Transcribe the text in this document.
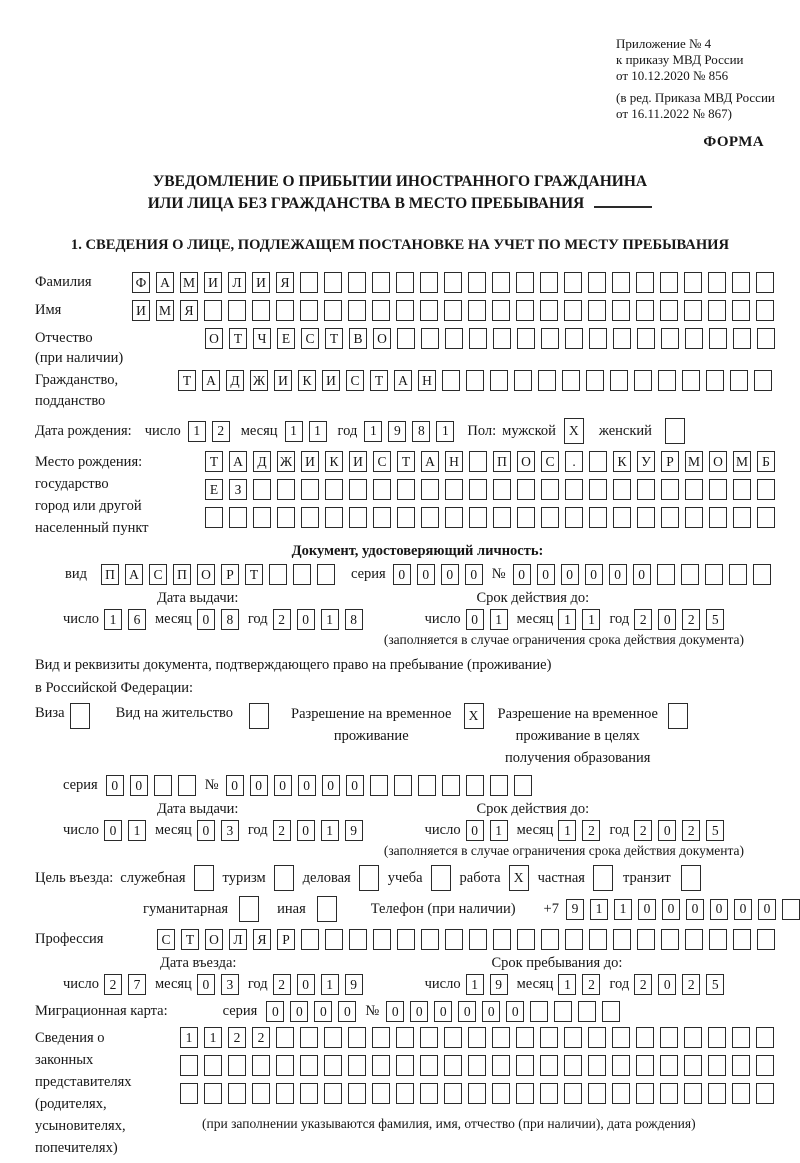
Приложение № 4
к приказу МВД России
от 10.12.2020 № 856
(в ред. Приказа МВД России
от 16.11.2022 № 867)
ФОРМА
УВЕДОМЛЕНИЕ О ПРИБЫТИИ ИНОСТРАННОГО ГРАЖДАНИНА
ИЛИ ЛИЦА БЕЗ ГРАЖДАНСТВА В МЕСТО ПРЕБЫВАНИЯ
1. СВЕДЕНИЯ О ЛИЦЕ, ПОДЛЕЖАЩЕМ ПОСТАНОВКЕ НА УЧЕТ ПО МЕСТУ ПРЕБЫВАНИЯ
Фамилия	Ф	А М И	Л	И	Я
Имя	И М Я
Отчество
(при наличии)
О	Т	Ч	Е	С	Т	В	О
Гражданство,
подданство
Т	А	Д Ж И	К	И	С	Т	А	Н
Дата рождения: число 1	2	месяц 1	1	год 1	9	8	1	Пол: мужской X	женский
Место рождения:
государство
город или другой
населенный пункт
Т	А	Д Ж И	К	И	С	Т	А	Н	П	О	С	.	К	У	Р	М О М	Б
Е	З
Документ, удостоверяющий личность:
вид	П	А	С	П	О	Р	Т	серия 0	0	0	0	№ 0	0	0	0	0	0
Дата выдачи:	Срок действия до:
число 1	6	месяц 0	8	год 2	0	1	8	число 0	1	месяц 1	1	год 2	0	2	5
(заполняется в случае ограничения срока действия документа)
Вид и реквизиты документа, подтверждающего право на пребывание (проживание)
в Российской Федерации:
Виза	Вид на жительство	Разрешение на временное
проживание
X	Разрешение на временное
проживание в целях
получения образования
серия	0	0	№ 0	0	0	0	0	0
Дата выдачи:	Срок действия до:
число 0	1	месяц 0	3	год 2	0	1	9	число 0	1	месяц 1	2	год 2	0	2	5
(заполняется в случае ограничения срока действия документа)
Цель въезда: служебная	туризм	деловая	учеба	работа X частная	транзит
гуманитарная	иная	Телефон (при наличии) +7 9	1	1	0	0	0	0	0	0
Профессия	С	Т	О	Л	Я	Р
Дата въезда:	Срок пребывания до:
число 2	7	месяц 0	3	год 2	0	1	9	число 1	9	месяц 1	2	год 2	0	2	5
Миграционная карта:	серия	0	0	0	0	№ 0	0	0	0	0	0
Сведения о
законных
представителях
(родителях,
усыновителях,
попечителях)
1	1	2	2
(при заполнении указываются фамилия, имя, отчество (при наличии), дата рождения)
